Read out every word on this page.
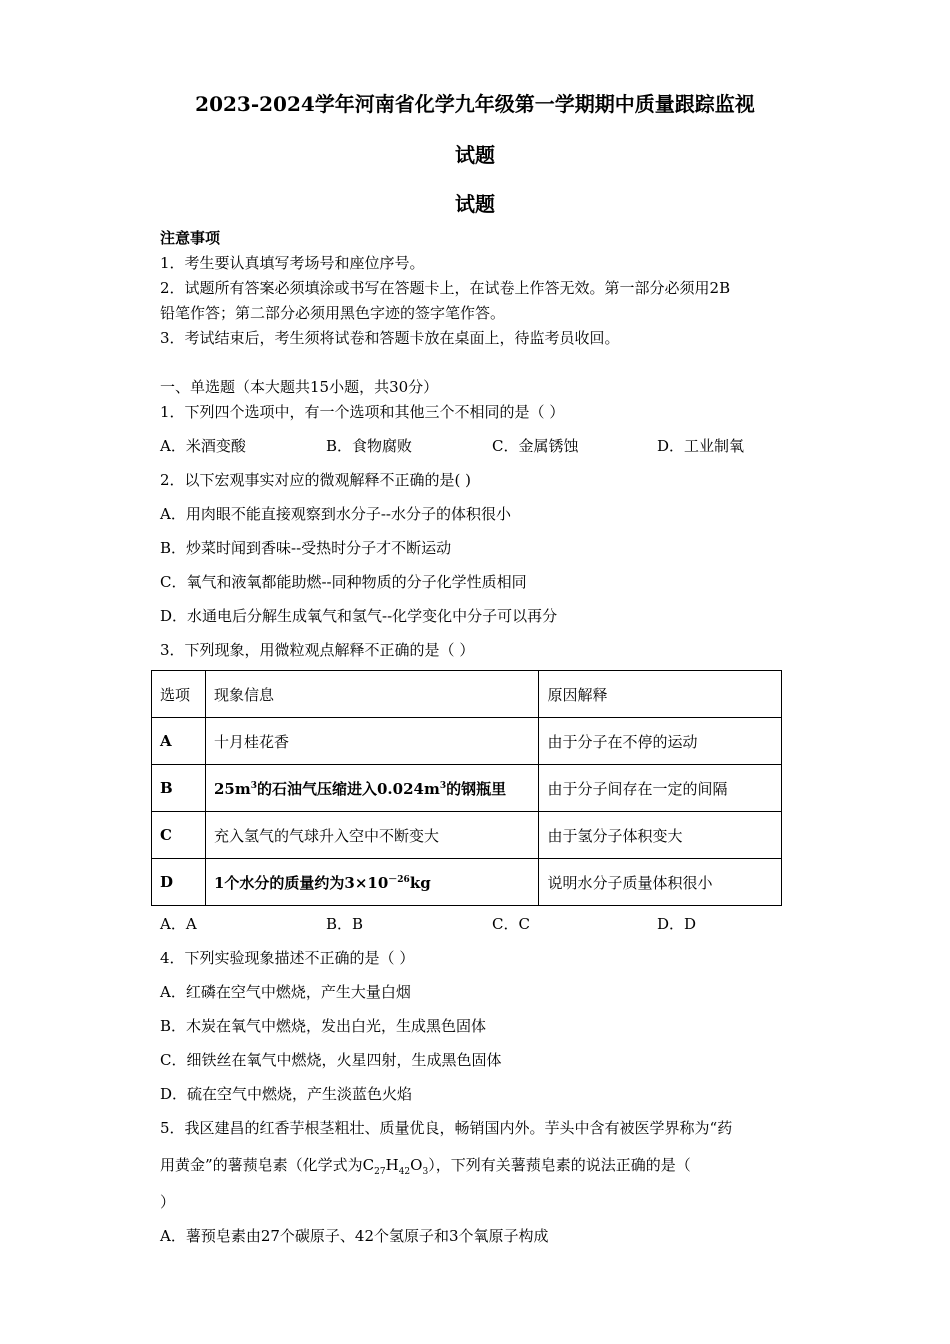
2023-2024学年河南省化学九年级第一学期期中质量跟踪监视
试题
试题
注意事项
1．考生要认真填写考场号和座位序号。
2．试题所有答案必须填涂或书写在答题卡上，在试卷上作答无效。第一部分必须用2B
铅笔作答；第二部分必须用黑色字迹的签字笔作答。
3．考试结束后，考生须将试卷和答题卡放在桌面上，待监考员收回。
一、单选题（本大题共15小题，共30分）
1．下列四个选项中，有一个选项和其他三个不相同的是（ ）
A．米酒变酸	B．食物腐败	C．金属锈蚀	D．工业制氧
2．以下宏观事实对应的微观解释不正确的是( )
A．用肉眼不能直接观察到水分子--水分子的体积很小
B．炒菜时闻到香味--受热时分子才不断运动
C．氧气和液氧都能助燃--同种物质的分子化学性质相同
D．水通电后分解生成氧气和氢气--化学变化中分子可以再分
3．下列现象，用微粒观点解释不正确的是（ ）
选项	现象信息	原因解释
A	十月桂花香	由于分子在不停的运动
B	$25m^3$的石油气压缩进入$0.024m^3$的钢瓶里	由于分子间存在一定的间隔
C	充入氢气的气球升入空中不断变大	由于氢分子体积变大
D	1个水分的质量约为$3\times 10^{-26}kg$	说明水分子质量体积很小
A．A	B．B	C．C	D．D
4．下列实验现象描述不正确的是（ ）
A．红磷在空气中燃烧，产生大量白烟
B．木炭在氧气中燃烧，发出白光，生成黑色固体
C．细铁丝在氧气中燃烧，火星四射，生成黑色固体
D．硫在空气中燃烧，产生淡蓝色火焰
5．我区建昌的红香芋根茎粗壮、质量优良，畅销国内外。芋头中含有被医学界称为“药
用黄金”的薯蓣皂素（化学式为$C_{27}H_{42}O_3$），下列有关薯蓣皂素的说法正确的是（
）
A．薯预皂素由27个碳原子、42个氢原子和3个氧原子构成
